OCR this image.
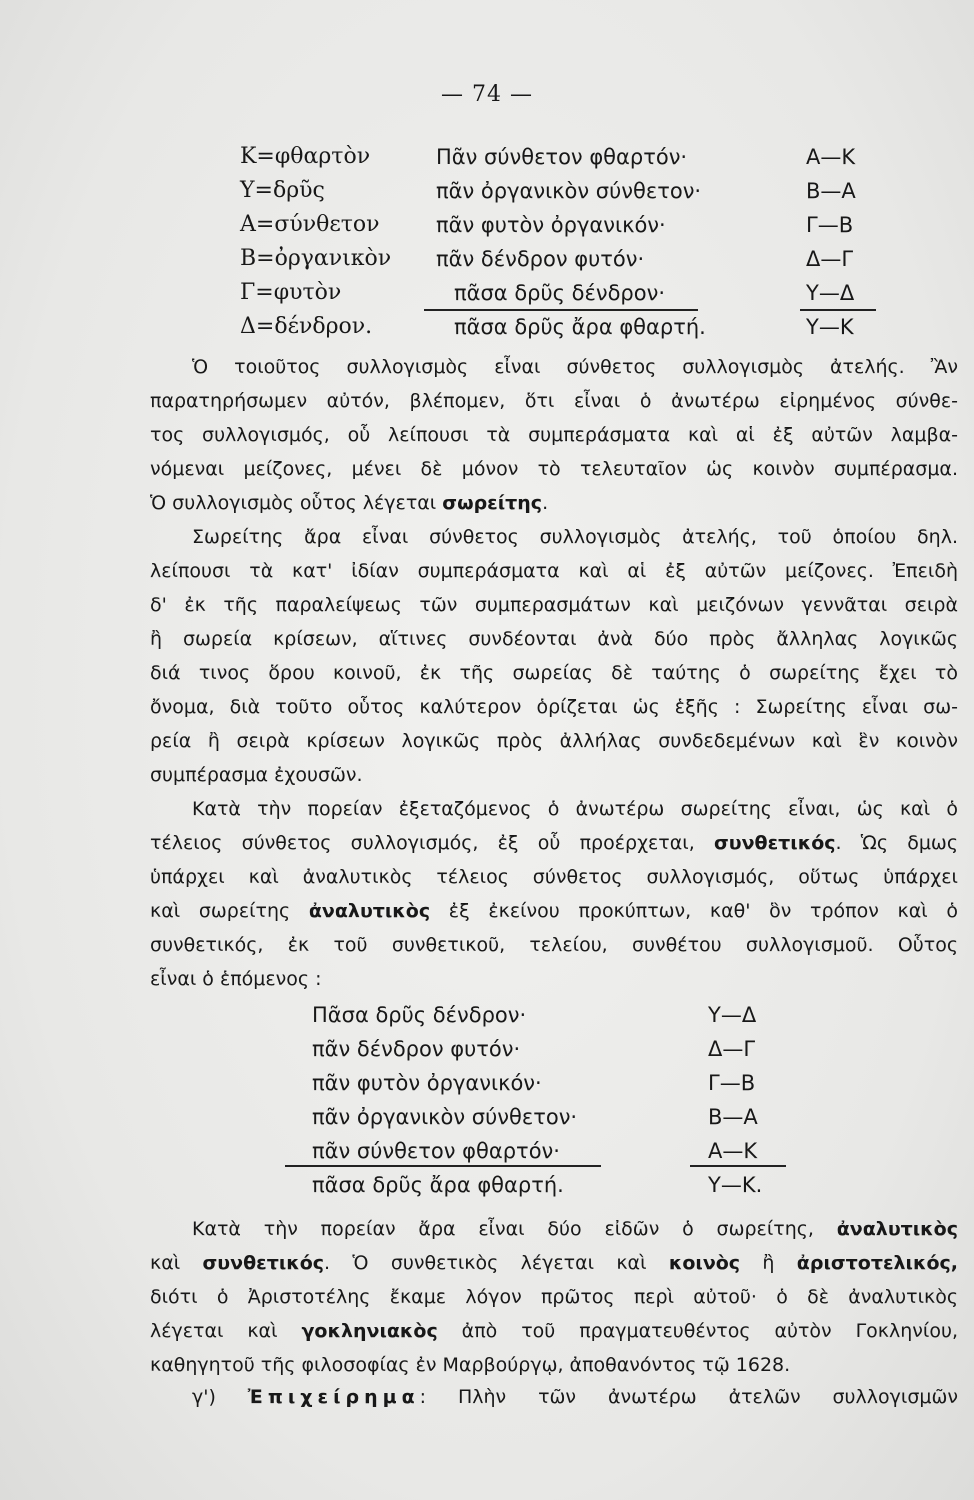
— 74 —
Κ=φθαρτὸν
Υ=δρῦς
Α=σύνθετον
Β=ὀργανικὸν
Γ=φυτὸν
Δ=δένδρον.
Πᾶν σύνθετον φθαρτόν·
πᾶν ὀργανικὸν σύνθετον·
πᾶν φυτὸν ὀργανικόν·
πᾶν δένδρον φυτόν·
πᾶσα δρῦς δένδρον·
πᾶσα δρῦς ἄρα φθαρτή.
Α—Κ
Β—Α
Γ—Β
Δ—Γ
Υ—Δ
Υ—Κ
Ὁ τοιοῦτος συλλογισμὸς εἶναι σύνθετος συλλογισμὸς ἀτελής. Ἂν
παρατηρήσωμεν αὐτόν, βλέπομεν, ὅτι εἶναι ὁ ἀνωτέρω εἰρημένος σύνθε-
τος συλλογισμός, οὗ λείπουσι τὰ συμπεράσματα καὶ αἱ ἐξ αὐτῶν λαμβα-
νόμεναι μείζονες, μένει δὲ μόνον τὸ τελευταῖον ὡς κοινὸν συμπέρασμα.
Ὁ συλλογισμὸς οὗτος λέγεται σωρείτης.
Σωρείτης ἄρα εἶναι σύνθετος συλλογισμὸς ἀτελής, τοῦ ὁποίου δηλ.
λείπουσι τὰ κατ' ἰδίαν συμπεράσματα καὶ αἱ ἐξ αὐτῶν μείζονες. Ἐπειδὴ
δ' ἐκ τῆς παραλείψεως τῶν συμπερασμάτων καὶ μειζόνων γεννᾶται σειρὰ
ἢ σωρεία κρίσεων, αἵτινες συνδέονται ἀνὰ δύο πρὸς ἄλληλας λογικῶς
διά τινος ὅρου κοινοῦ, ἐκ τῆς σωρείας δὲ ταύτης ὁ σωρείτης ἔχει τὸ
ὄνομα, διὰ τοῦτο οὗτος καλύτερον ὁρίζεται ὡς ἑξῆς : Σωρείτης εἶναι σω-
ρεία ἢ σειρὰ κρίσεων λογικῶς πρὸς ἀλλήλας συνδεδεμένων καὶ ἓν κοινὸν
συμπέρασμα ἐχουσῶν.
Κατὰ τὴν πορείαν ἐξεταζόμενος ὁ ἀνωτέρω σωρείτης εἶναι, ὡς καὶ ὁ
τέλειος σύνθετος συλλογισμός, ἐξ οὗ προέρχεται, συνθετικός. Ὡς δμως
ὑπάρχει καὶ ἀναλυτικὸς τέλειος σύνθετος συλλογισμός, οὕτως ὑπάρχει
καὶ σωρείτης ἀναλυτικὸς ἐξ ἐκείνου προκύπτων, καθ' ὃν τρόπον καὶ ὁ
συνθετικός, ἐκ τοῦ συνθετικοῦ, τελείου, συνθέτου συλλογισμοῦ. Οὗτος
εἶναι ὁ ἑπόμενος :
Πᾶσα δρῦς δένδρον·
πᾶν δένδρον φυτόν·
πᾶν φυτὸν ὀργανικόν·
πᾶν ὀργανικὸν σύνθετον·
πᾶν σύνθετον φθαρτόν·
πᾶσα δρῦς ἄρα φθαρτή.
Υ—Δ
Δ—Γ
Γ—Β
Β—Α
Α—Κ
Υ—Κ.
Κατὰ τὴν πορείαν ἄρα εἶναι δύο εἰδῶν ὁ σωρείτης, ἀναλυτικὸς
καὶ συνθετικός. Ὁ συνθετικὸς λέγεται καὶ κοινὸς ἢ ἀριστοτελικός,
διότι ὁ Ἀριστοτέλης ἔκαμε λόγον πρῶτος περὶ αὐτοῦ· ὁ δὲ ἀναλυτικὸς
λέγεται καὶ γοκληνιακὸς ἀπὸ τοῦ πραγματευθέντος αὐτὸν Γοκληνίου,
καθηγητοῦ τῆς φιλοσοφίας ἐν Μαρβούργῳ, ἀποθανόντος τῷ 1628.
γ') Ἐπιχείρημα: Πλὴν τῶν ἀνωτέρω ἀτελῶν συλλογισμῶν
